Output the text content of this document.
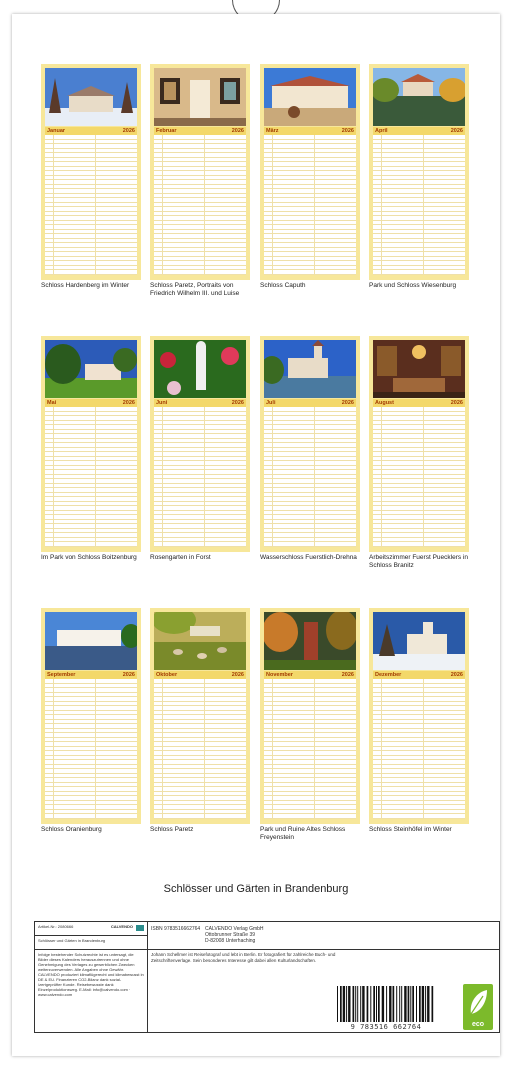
Januar	2026
Schloss Hardenberg im Winter
Februar	2026
Schloss Paretz, Portraits von Friedrich Wilhelm III. und Luise
März	2026
Schloss Caputh
April	2026
Park und Schloss Wiesenburg
Mai	2026
Im Park von Schloss Boitzenburg
Juni	2026
Rosengarten in Forst
Juli	2026
Wasserschloss Fuerstlich-Drehna
August	2026
Arbeitszimmer Fuerst Puecklers in Schloss Branitz
September	2026
Schloss Oranienburg
Oktober	2026
Schloss Paretz
November	2026
Park und Ruine Altes Schloss Freyenstein
Dezember	2026
Schloss Steinhöfel im Winter
Schlösser und Gärten in Brandenburg
Artikel-Nr.: 2080666	CALVENDO
Schlösser und Gärten in Brandenburg
Infolge bestehender Schutzrechte ist es untersagt, die Bilder dieses Kalenders herauszutrennen und ohne Genehmigung des Verlages zu gewerblichen Zwecken weiterzuverwenden. Alle Angaben ohne Gewähr. CALVENDO produziert klimaflügerecht und klimabewusst in DE & EU. Finanzieren CO2-Bilanz dank sozial- /zertgeprüfter Kunde. Reisebewusste dank Einzelproduktionsweg. E-Mail: info@calvendo.com · www.calvendo.com
ISBN 9783516662764 CALVENDO Verlag GmbH
Ottobrunner Straße 39
D-82008 Unterhaching
Johann Schellmer ist Reisefotograf und lebt in Berlin. Er fotografiert für zahlreiche Buch- und Zeitschriftenverlage. Sein besonderes Interesse gilt dabei allen Kulturlandschaften.
9 783516 662764	eco
